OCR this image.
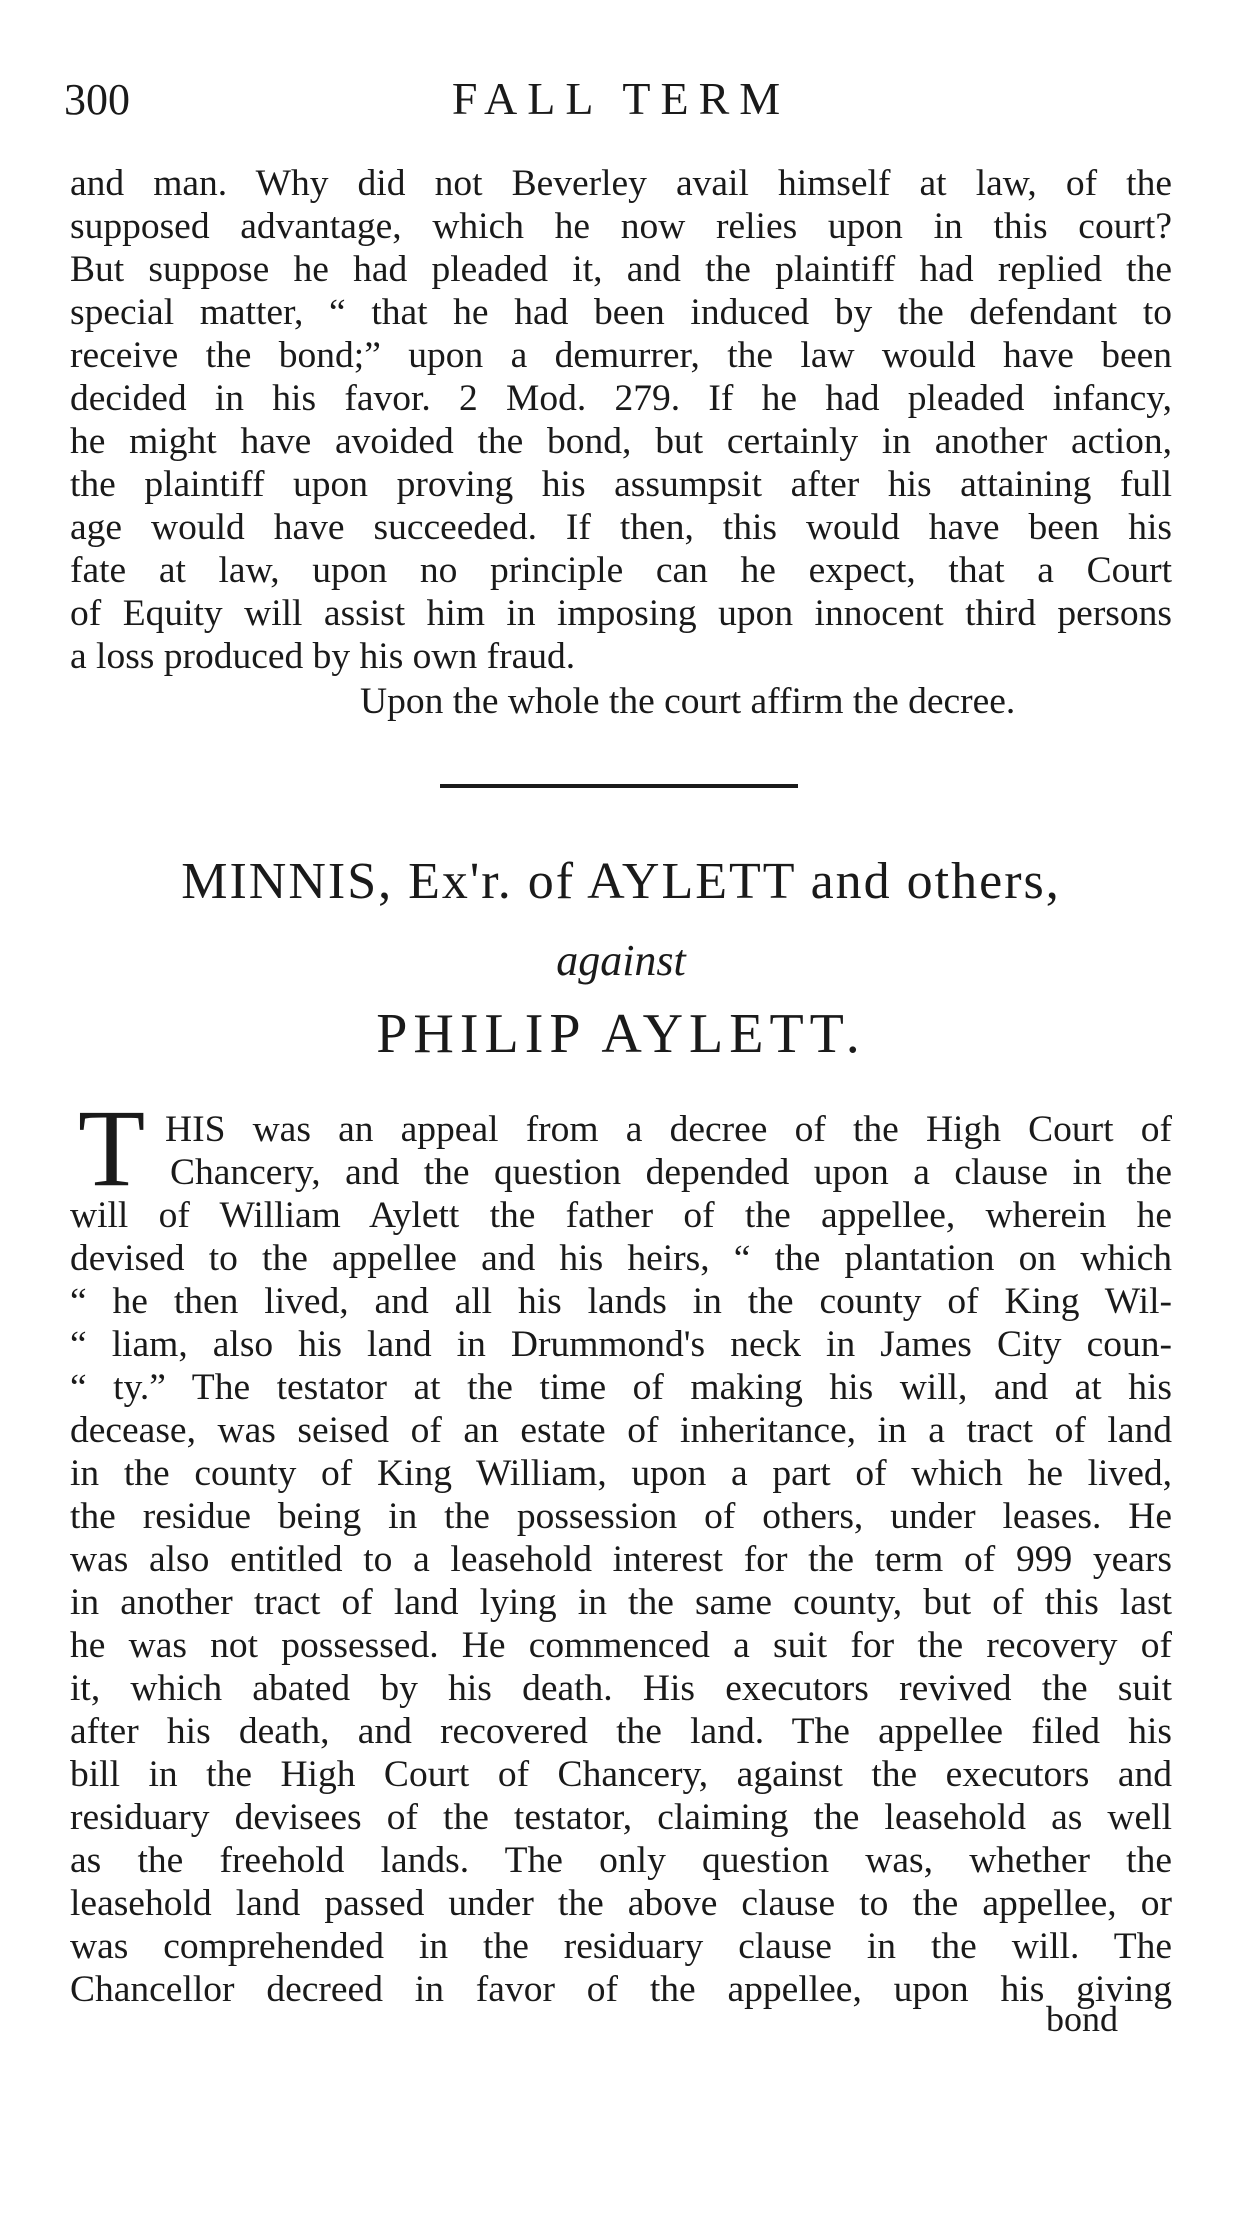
300	FALL TERM
and man. Why did not Beverley avail himself at law, of the
supposed advantage, which he now relies upon in this court?
But suppose he had pleaded it, and the plaintiff had replied the
special matter, “ that he had been induced by the defendant to
receive the bond;” upon a demurrer, the law would have been
decided in his favor. 2 Mod. 279. If he had pleaded infancy,
he might have avoided the bond, but certainly in another action,
the plaintiff upon proving his assumpsit after his attaining full
age would have succeeded. If then, this would have been his
fate at law, upon no principle can he expect, that a Court
of Equity will assist him in imposing upon innocent third persons
a loss produced by his own fraud.
Upon the whole the court affirm the decree.
MINNIS, Ex'r. of AYLETT and others,
against
PHILIP AYLETT.
T HIS was an appeal from a decree of the High Court of
Chancery, and the question depended upon a clause in the
will of William Aylett the father of the appellee, wherein he
devised to the appellee and his heirs, “ the plantation on which
“ he then lived, and all his lands in the county of King Wil-
“ liam, also his land in Drummond's neck in James City coun-
“ ty.” The testator at the time of making his will, and at his
decease, was seised of an estate of inheritance, in a tract of land
in the county of King William, upon a part of which he lived,
the residue being in the possession of others, under leases. He
was also entitled to a leasehold interest for the term of 999 years
in another tract of land lying in the same county, but of this last
he was not possessed. He commenced a suit for the recovery of
it, which abated by his death. His executors revived the suit
after his death, and recovered the land. The appellee filed his
bill in the High Court of Chancery, against the executors and
residuary devisees of the testator, claiming the leasehold as well
as the freehold lands. The only question was, whether the
leasehold land passed under the above clause to the appellee, or
was comprehended in the residuary clause in the will. The
Chancellor decreed in favor of the appellee, upon his giving
bond
